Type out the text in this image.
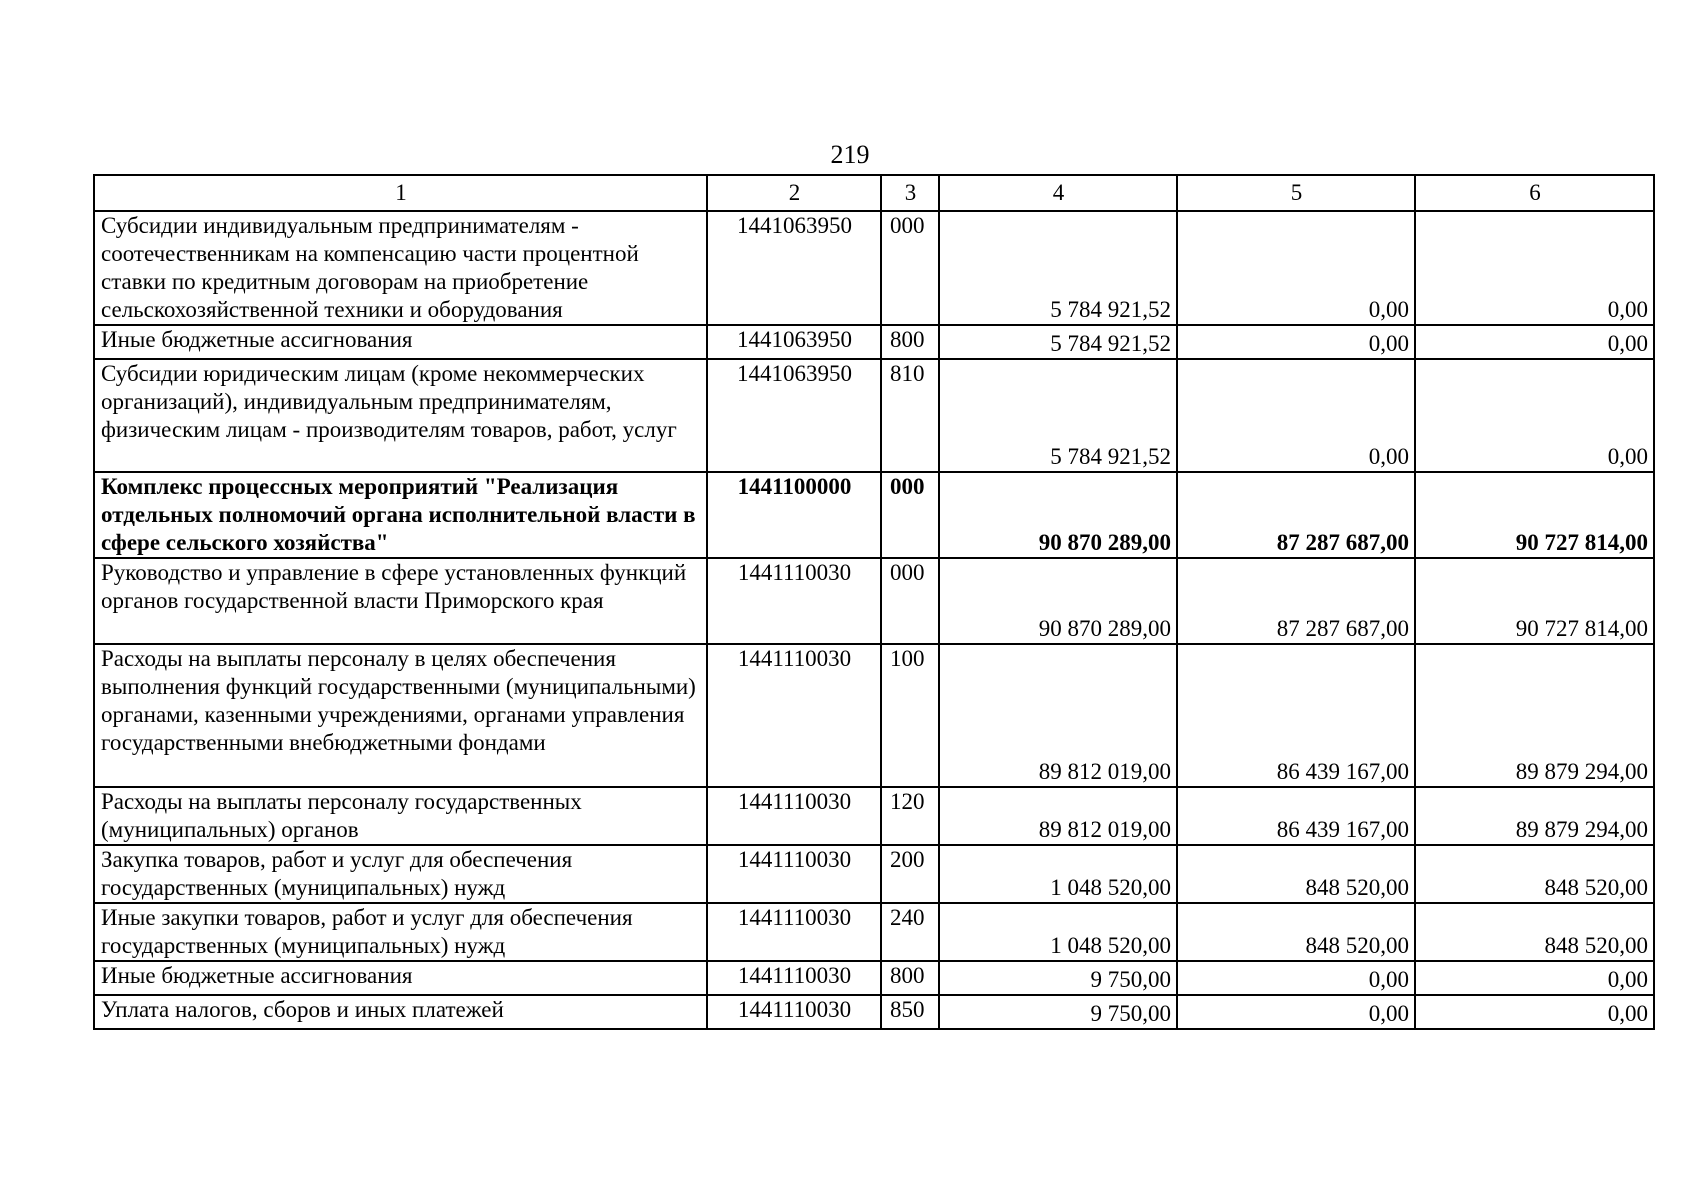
219
1	2	3	4	5	6
Субсидии индивидуальным предпринимателям - соотечественникам на компенсацию части процентной ставки по кредитным договорам на приобретение сельскохозяйственной техники и оборудования	1441063950	000	5 784 921,52	0,00	0,00
Иные бюджетные ассигнования	1441063950	800	5 784 921,52	0,00	0,00
Субсидии юридическим лицам (кроме некоммерческих организаций), индивидуальным предпринимателям, физическим лицам - производителям товаров, работ, услуг	1441063950	810	5 784 921,52	0,00	0,00
Комплекс процессных мероприятий "Реализация отдельных полномочий органа исполнительной власти в сфере сельского хозяйства"	1441100000	000	90 870 289,00	87 287 687,00	90 727 814,00
Руководство и управление в сфере установленных функций органов государственной власти Приморского края	1441110030	000	90 870 289,00	87 287 687,00	90 727 814,00
Расходы на выплаты персоналу в целях обеспечения выполнения функций государственными (муниципальными) органами, казенными учреждениями, органами управления государственными внебюджетными фондами	1441110030	100	89 812 019,00	86 439 167,00	89 879 294,00
Расходы на выплаты персоналу государственных (муниципальных) органов	1441110030	120	89 812 019,00	86 439 167,00	89 879 294,00
Закупка товаров, работ и услуг для обеспечения государственных (муниципальных) нужд	1441110030	200	1 048 520,00	848 520,00	848 520,00
Иные закупки товаров, работ и услуг для обеспечения государственных (муниципальных) нужд	1441110030	240	1 048 520,00	848 520,00	848 520,00
Иные бюджетные ассигнования	1441110030	800	9 750,00	0,00	0,00
Уплата налогов, сборов и иных платежей	1441110030	850	9 750,00	0,00	0,00
